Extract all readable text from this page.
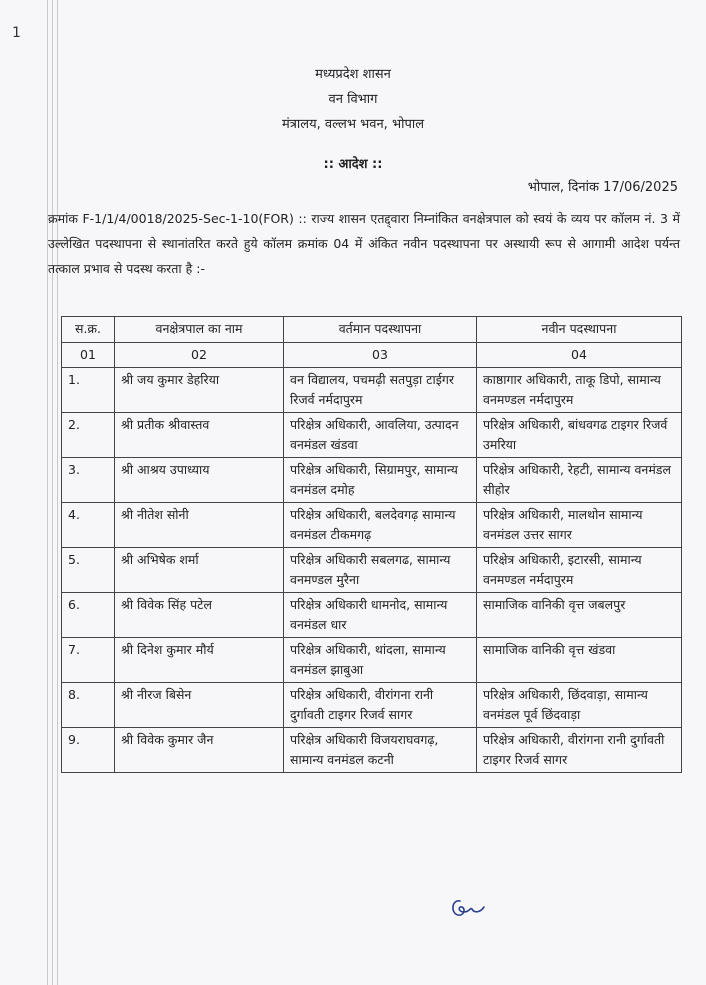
1
मध्यप्रदेश शासन
वन विभाग
मंत्रालय, वल्लभ भवन, भोपाल
:: आदेश ::
भोपाल, दिनांक 17/06/2025
क्रमांक F-1/1/4/0018/2025-Sec-1-10(FOR) :: राज्य शासन एतद्द्वारा निम्नांकित वनक्षेत्रपाल को स्वयं के व्यय पर कॉलम नं. 3 में उल्लेखित पदस्थापना से स्थानांतरित करते हुये कॉलम क्रमांक 04 में अंकित नवीन पदस्थापना पर अस्थायी रूप से आगामी आदेश पर्यन्त तत्काल प्रभाव से पदस्थ करता है :-
स.क्र.	वनक्षेत्रपाल का नाम	वर्तमान पदस्थापना	नवीन पदस्थापना
01	02	03	04
1.	श्री जय कुमार डेहरिया	वन विद्यालय, पचमढ़ी सतपुड़ा टाईगर रिजर्व नर्मदापुरम	काष्ठागार अधिकारी, ताकू डिपो, सामान्य वनमण्डल नर्मदापुरम
2.	श्री प्रतीक श्रीवास्तव	परिक्षेत्र अधिकारी, आवलिया, उत्पादन वनमंडल खंडवा	परिक्षेत्र अधिकारी, बांधवगढ टाइगर रिजर्व उमरिया
3.	श्री आश्रय उपाध्याय	परिक्षेत्र अधिकारी, सिग्रामपुर, सामान्य वनमंडल दमोह	परिक्षेत्र अधिकारी, रेहटी, सामान्य वनमंडल सीहोर
4.	श्री नीतेश सोनी	परिक्षेत्र अधिकारी, बलदेवगढ़ सामान्य वनमंडल टीकमगढ़	परिक्षेत्र अधिकारी, मालथोन सामान्य वनमंडल उत्तर सागर
5.	श्री अभिषेक शर्मा	परिक्षेत्र अधिकारी सबलगढ, सामान्य वनमण्डल मुरैना	परिक्षेत्र अधिकारी, इटारसी, सामान्य वनमण्डल नर्मदापुरम
6.	श्री विवेक सिंह पटेल	परिक्षेत्र अधिकारी धामनोद, सामान्य वनमंडल धार	सामाजिक वानिकी वृत्त जबलपुर
7.	श्री दिनेश कुमार मौर्य	परिक्षेत्र अधिकारी, थांदला, सामान्य वनमंडल झाबुआ	सामाजिक वानिकी वृत्त खंडवा
8.	श्री नीरज बिसेन	परिक्षेत्र अधिकारी, वीरांगना रानी दुर्गावती टाइगर रिजर्व सागर	परिक्षेत्र अधिकारी, छिंदवाड़ा, सामान्य वनमंडल पूर्व छिंदवाड़ा
9.	श्री विवेक कुमार जैन	परिक्षेत्र अधिकारी विजयराघवगढ़, सामान्य वनमंडल कटनी	परिक्षेत्र अधिकारी, वीरांगना रानी दुर्गावती टाइगर रिजर्व सागर
